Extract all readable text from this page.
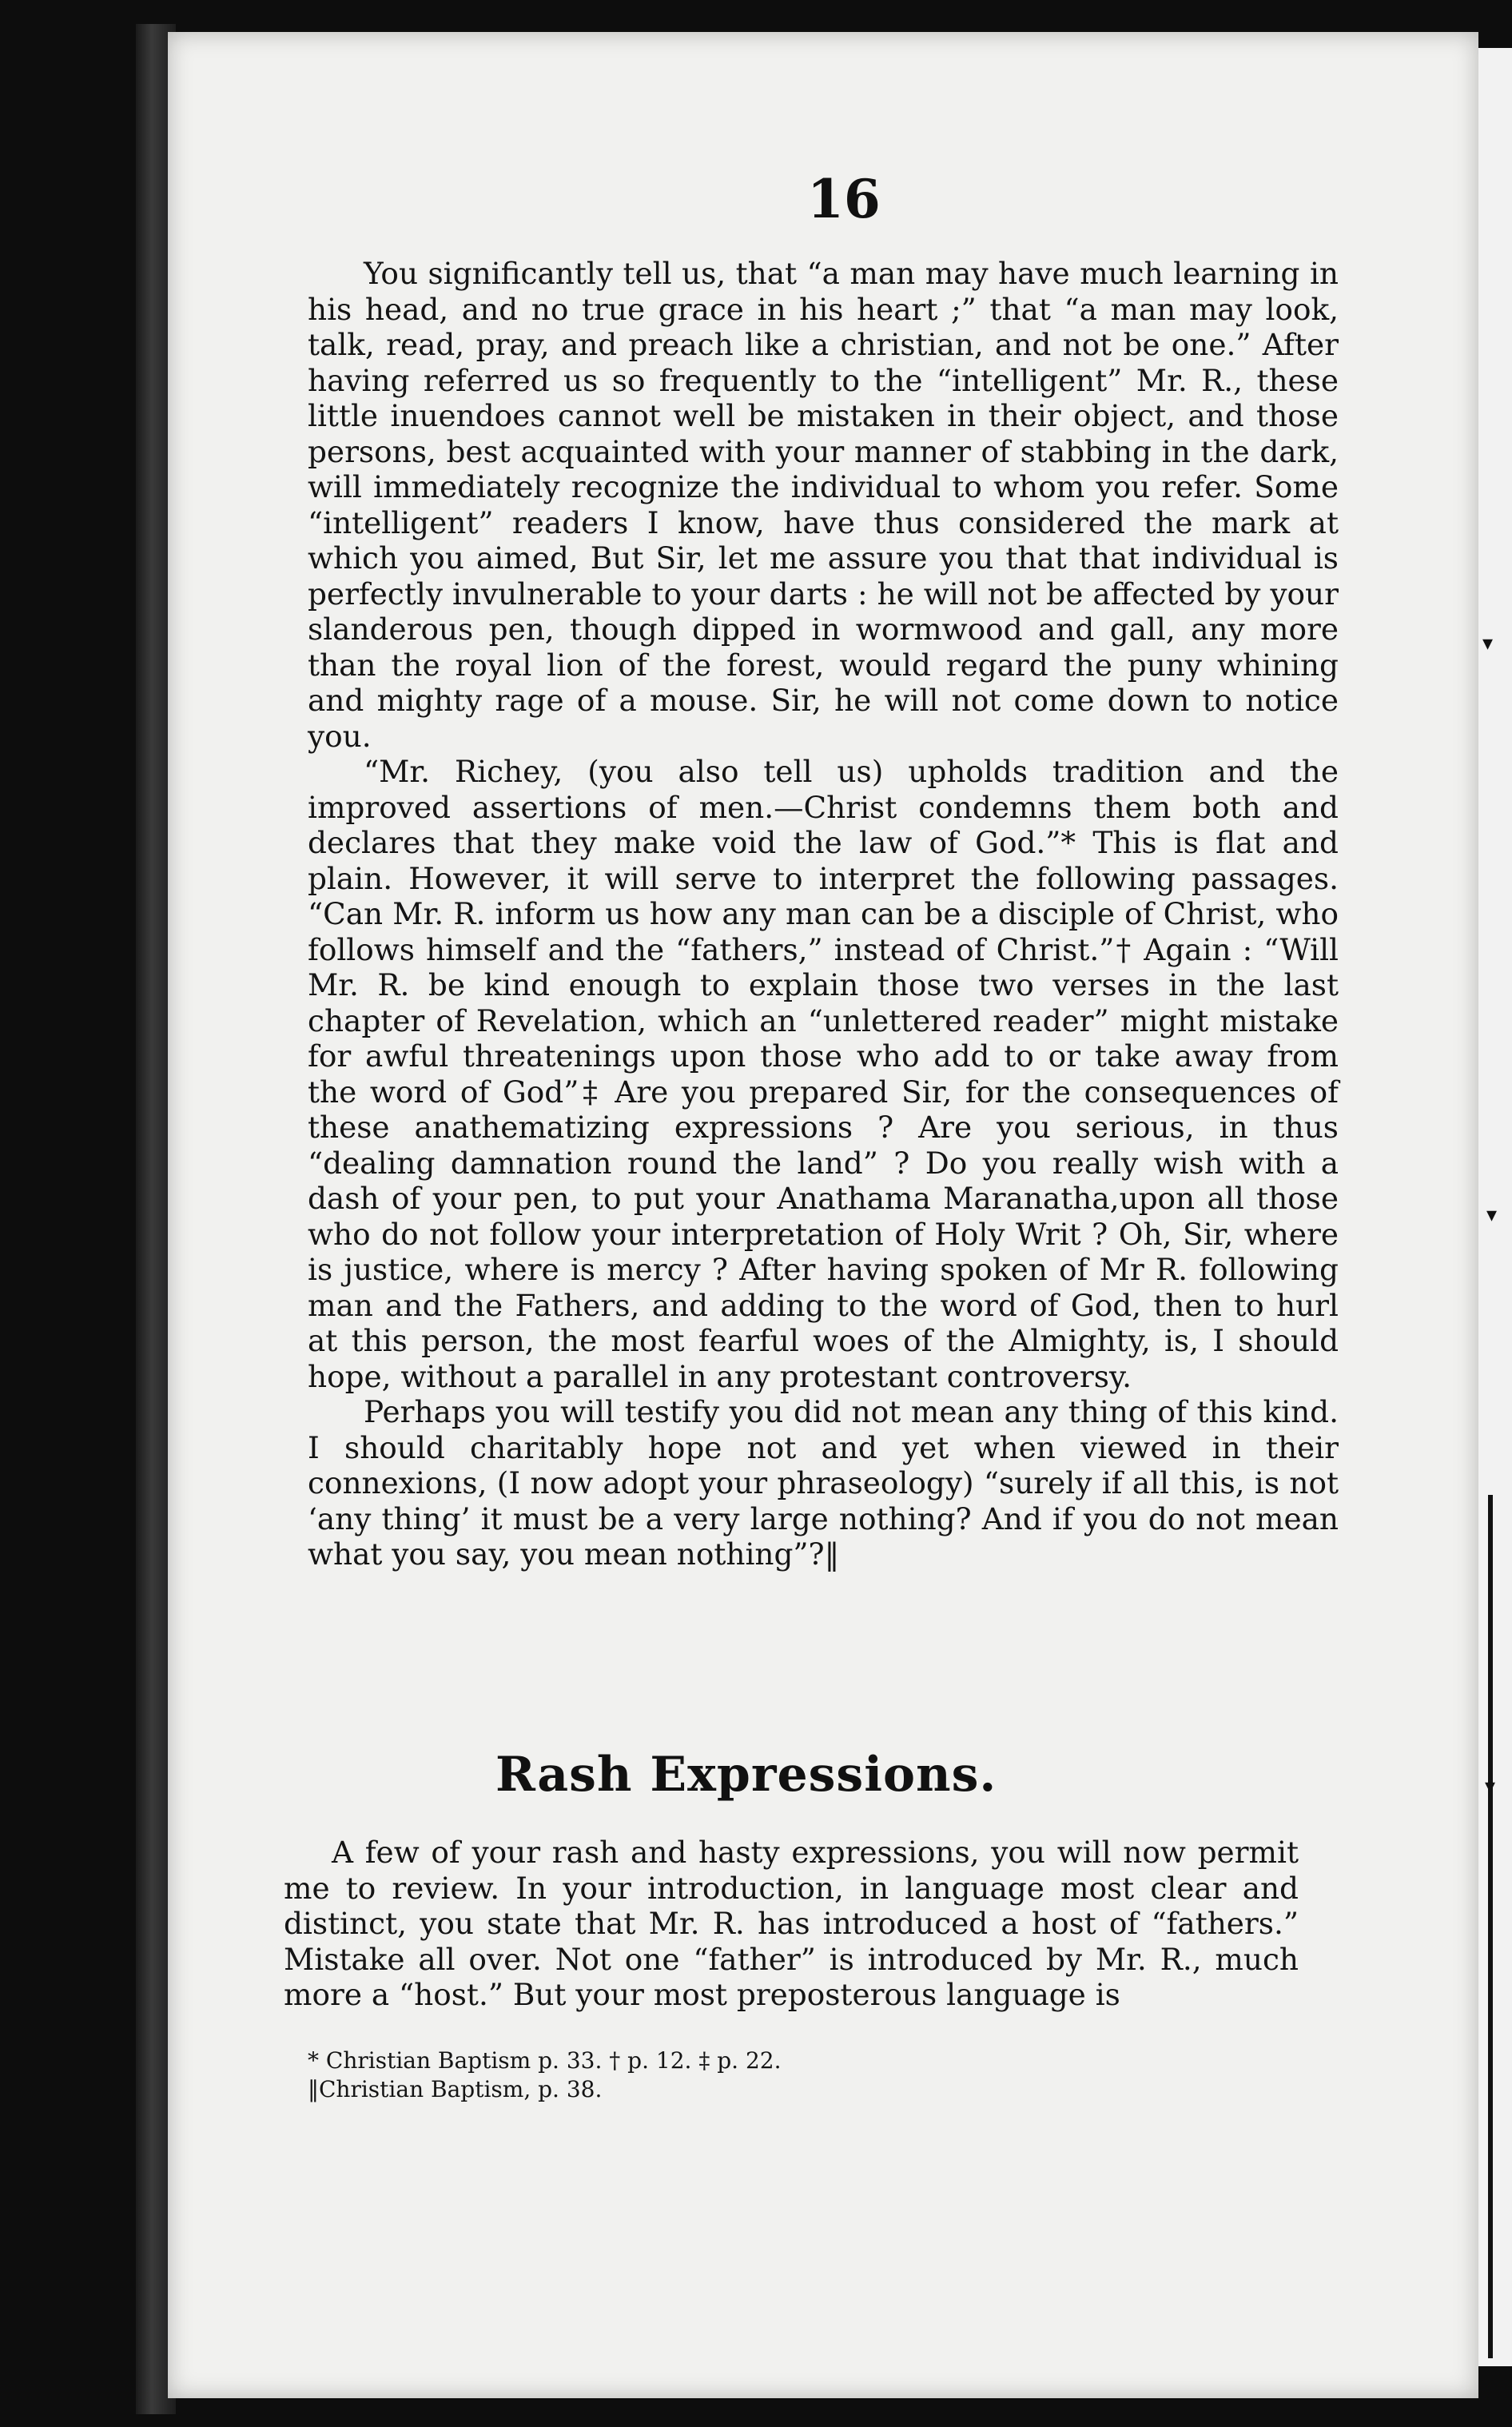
▾
▾
▾
16

You significantly tell us, that “a man may have much learning in his head, and no true grace in his heart ;” that “a man may look, talk, read, pray, and preach like a christian, and not be one.” After having referred us so frequently to the “intelligent” Mr. R., these little inuendoes cannot well be mistaken in their object, and those persons, best acquainted with your manner of stabbing in the dark, will immediately recognize the individual to whom you refer. Some “intelligent” readers I know, have thus considered the mark at which you aimed, But Sir, let me assure you that that individual is perfectly invulnerable to your darts : he will not be affected by your slanderous pen, though dipped in wormwood and gall, any more than the royal lion of the forest, would regard the puny whining and mighty rage of a mouse. Sir, he will not come down to notice you.

“Mr. Richey, (you also tell us) upholds tradition and the improved assertions of men.—Christ condemns them both and declares that they make void the law of God.”* This is flat and plain. However, it will serve to interpret the following passages. “Can Mr. R. inform us how any man can be a disciple of Christ, who follows himself and the “fathers,” instead of Christ.”† Again : “Will Mr. R. be kind enough to explain those two verses in the last chapter of Revelation, which an “unlettered reader” might mistake for awful threatenings upon those who add to or take away from the word of God”‡ Are you prepared Sir, for the consequences of these anathematizing expressions ? Are you serious, in thus “dealing damnation round the land” ? Do you really wish with a dash of your pen, to put your Anathama Maranatha,upon all those who do not follow your interpretation of Holy Writ ? Oh, Sir, where is justice, where is mercy ? After having spoken of Mr R. following man and the Fathers, and adding to the word of God, then to hurl at this person, the most fearful woes of the Almighty, is, I should hope, without a parallel in any protestant controversy.

Perhaps you will testify you did not mean any thing of this kind. I should charitably hope not and yet when viewed in their connexions, (I now adopt your phraseology) “surely if all this, is not ‘any thing’ it must be a very large nothing? And if you do not mean what you say, you mean nothing”?‖

Rash Expressions.

A few of your rash and hasty expressions, you will now permit me to review. In your introduction, in language most clear and distinct, you state that Mr. R. has introduced a host of “fathers.” Mistake all over. Not one “father” is introduced by Mr. R., much more a “host.” But your most preposterous language is

* Christian Baptism p. 33. † p. 12. ‡ p. 22.
‖Christian Baptism, p. 38.
